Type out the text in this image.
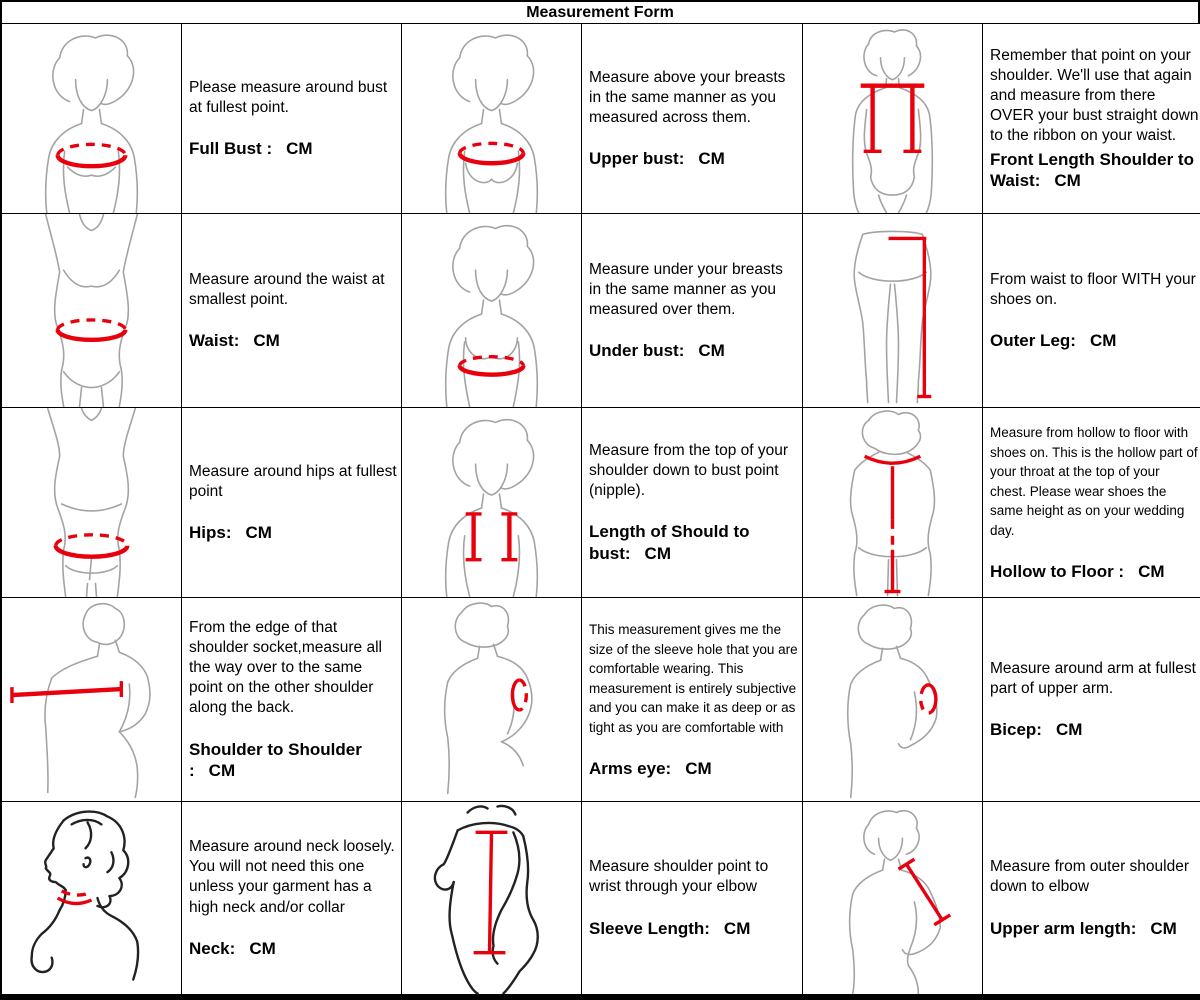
Measurement Form
Please measure around bust at fullest point.
Full Bust : CM
Measure above your breasts in the same manner as you measured across them.
Upper bust: CM
Remember that point on your shoulder. We'll use that again and measure from there OVER your bust straight down to the ribbon on your waist.
Front Length Shoulder to Waist: CM
Measure around the waist at smallest point.
Waist: CM
Measure under your breasts in the same manner as you measured over them.
Under bust: CM
From waist to floor WITH your shoes on.
Outer Leg: CM
Measure around hips at fullest point
Hips: CM
Measure from the top of your shoulder down to bust point (nipple).
Length of Should to bust: CM
Measure from hollow to floor with shoes on. This is the hollow part of your throat at the top of your chest. Please wear shoes the same height as on your wedding day.
Hollow to Floor : CM
From the edge of that shoulder socket,measure all the way over to the same point on the other shoulder along the back.
Shoulder to Shoulder : CM
This measurement gives me the size of the sleeve hole that you are comfortable wearing. This measurement is entirely subjective and you can make it as deep or as tight as you are comfortable with
Arms eye: CM
Measure around arm at fullest part of upper arm.
Bicep: CM
Measure around neck loosely. You will not need this one unless your garment has a high neck and/or collar
Neck: CM
Measure shoulder point to wrist through your elbow
Sleeve Length: CM
Measure from outer shoulder down to elbow
Upper arm length: CM
